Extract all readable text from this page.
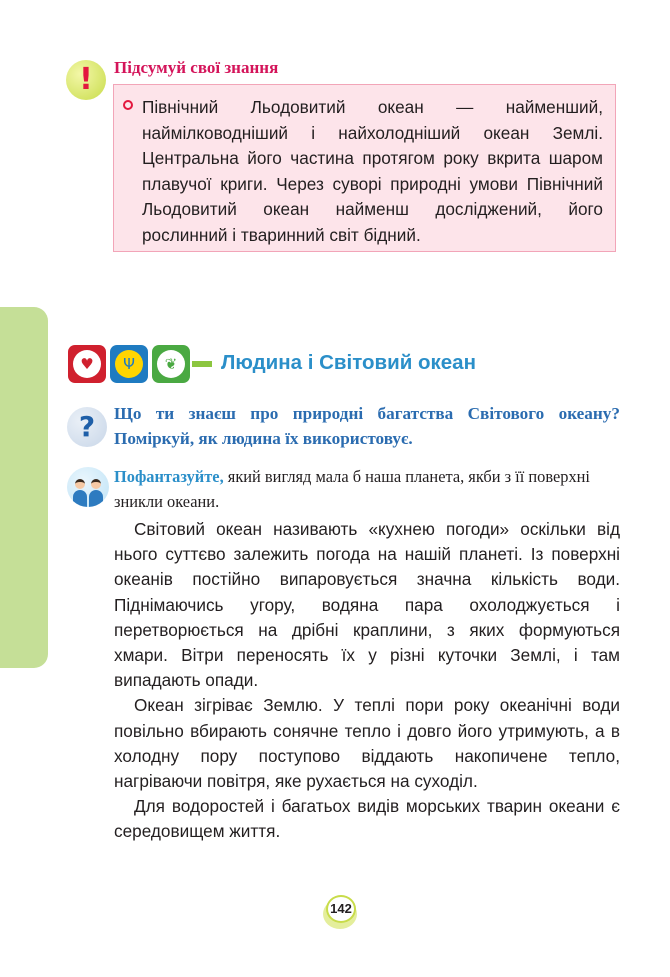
! Підсумуй свої знання

Північний Льодовитий океан — найменший, наймілководніший і найхолодніший океан Землі. Центральна його частина протягом року вкрита шаром плавучої криги. Через суворі природні умови Північний Льодовитий океан найменш досліджений, його рослинний і тваринний світ бідний.

♥	Ψ	❦	Людина і Світовий океан
? Що ти знаєш про природні багатства Світового океану? Поміркуй, як людина їх використовує.

Пофантазуйте, який вигляд мала б наша планета, якби з її поверхні зникли океани.

Світовий океан називають «кухнею погоди» оскільки від нього суттєво залежить погода на нашій планеті. Із поверхні океанів постійно випаровується значна кількість води. Піднімаючись угору, водяна пара охолоджується і перетворюється на дрібні краплини, з яких формуються хмари. Вітри переносять їх у різні куточки Землі, і там випадають опади.

Океан зігріває Землю. У теплі пори року океанічні води повільно вбирають сонячне тепло і довго його утримують, а в холодну пору поступово віддають накопичене тепло, нагріваючи повітря, яке рухається на суходіл.

Для водоростей і багатьох видів морських тварин океани є середовищем життя.

142
